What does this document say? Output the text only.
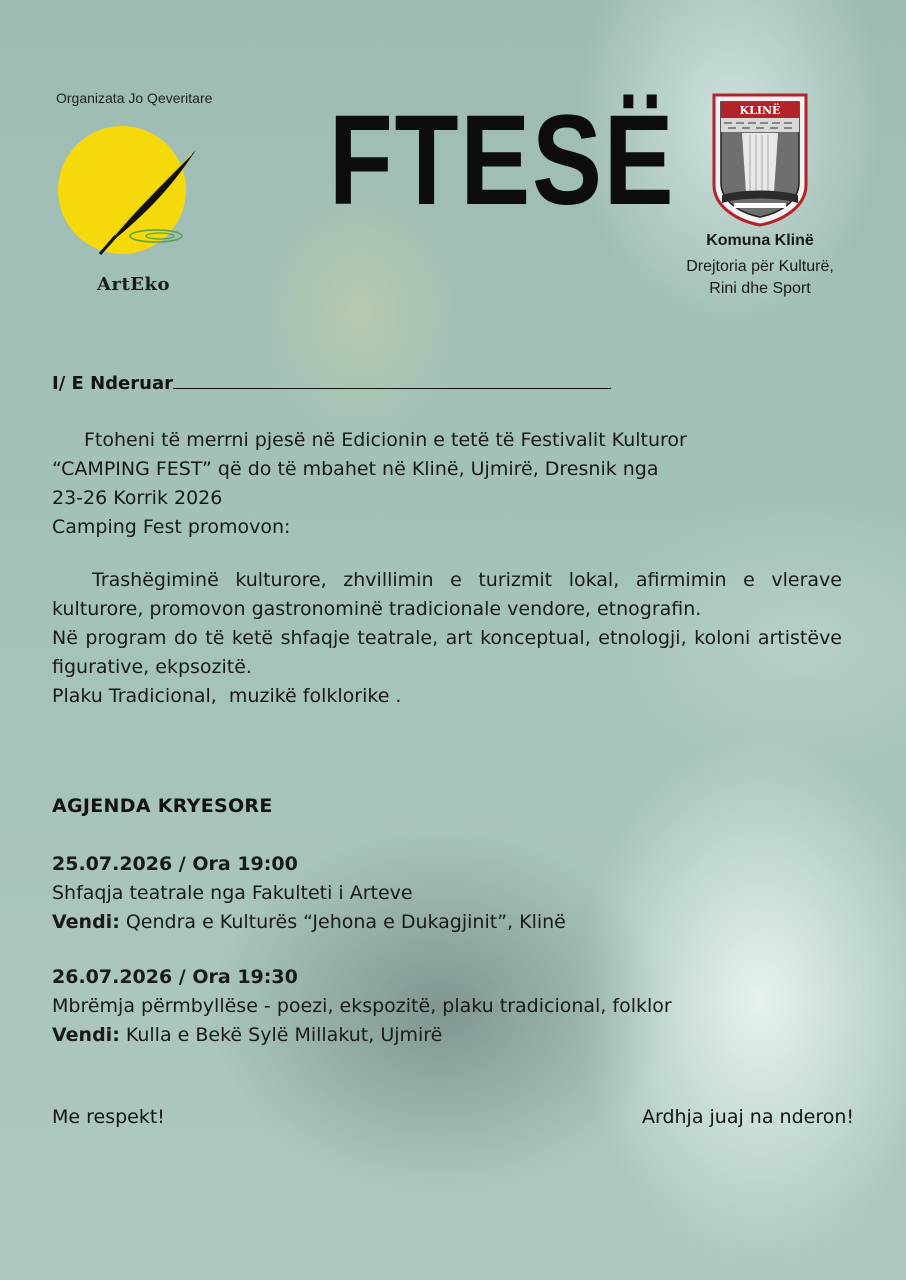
Organizata Jo Qeveritare
ArtEko
FTESË	KLINË
Komuna Klinë
Drejtoria për Kulturë,
Rini dhe Sport
I/ E Nderuar
Ftoheni të merrni pjesë në Edicionin e tetë të Festivalit Kulturor
“CAMPING FEST” që do të mbahet në Klinë, Ujmirë, Dresnik nga
23-26 Korrik 2026
Camping Fest promovon:
Trashëgiminë kulturore, zhvillimin e turizmit lokal, afirmimin e vlerave kulturore, promovon gastronominë tradicionale vendore, etnografin.
Në program do të ketë shfaqje teatrale, art konceptual, etnologji, koloni artistëve figurative, ekpsozitë.
Plaku Tradicional,  muzikë folklorike .
AGJENDA KRYESORE
25.07.2026 / Ora 19:00
Shfaqja teatrale nga Fakulteti i Arteve
Vendi: Qendra e Kulturës “Jehona e Dukagjinit”, Klinë
26.07.2026 / Ora 19:30
Mbrëmja përmbyllëse - poezi, ekspozitë, plaku tradicional, folklor
Vendi: Kulla e Bekë Sylë Millakut, Ujmirë
Me respekt!	Ardhja juaj na nderon!
